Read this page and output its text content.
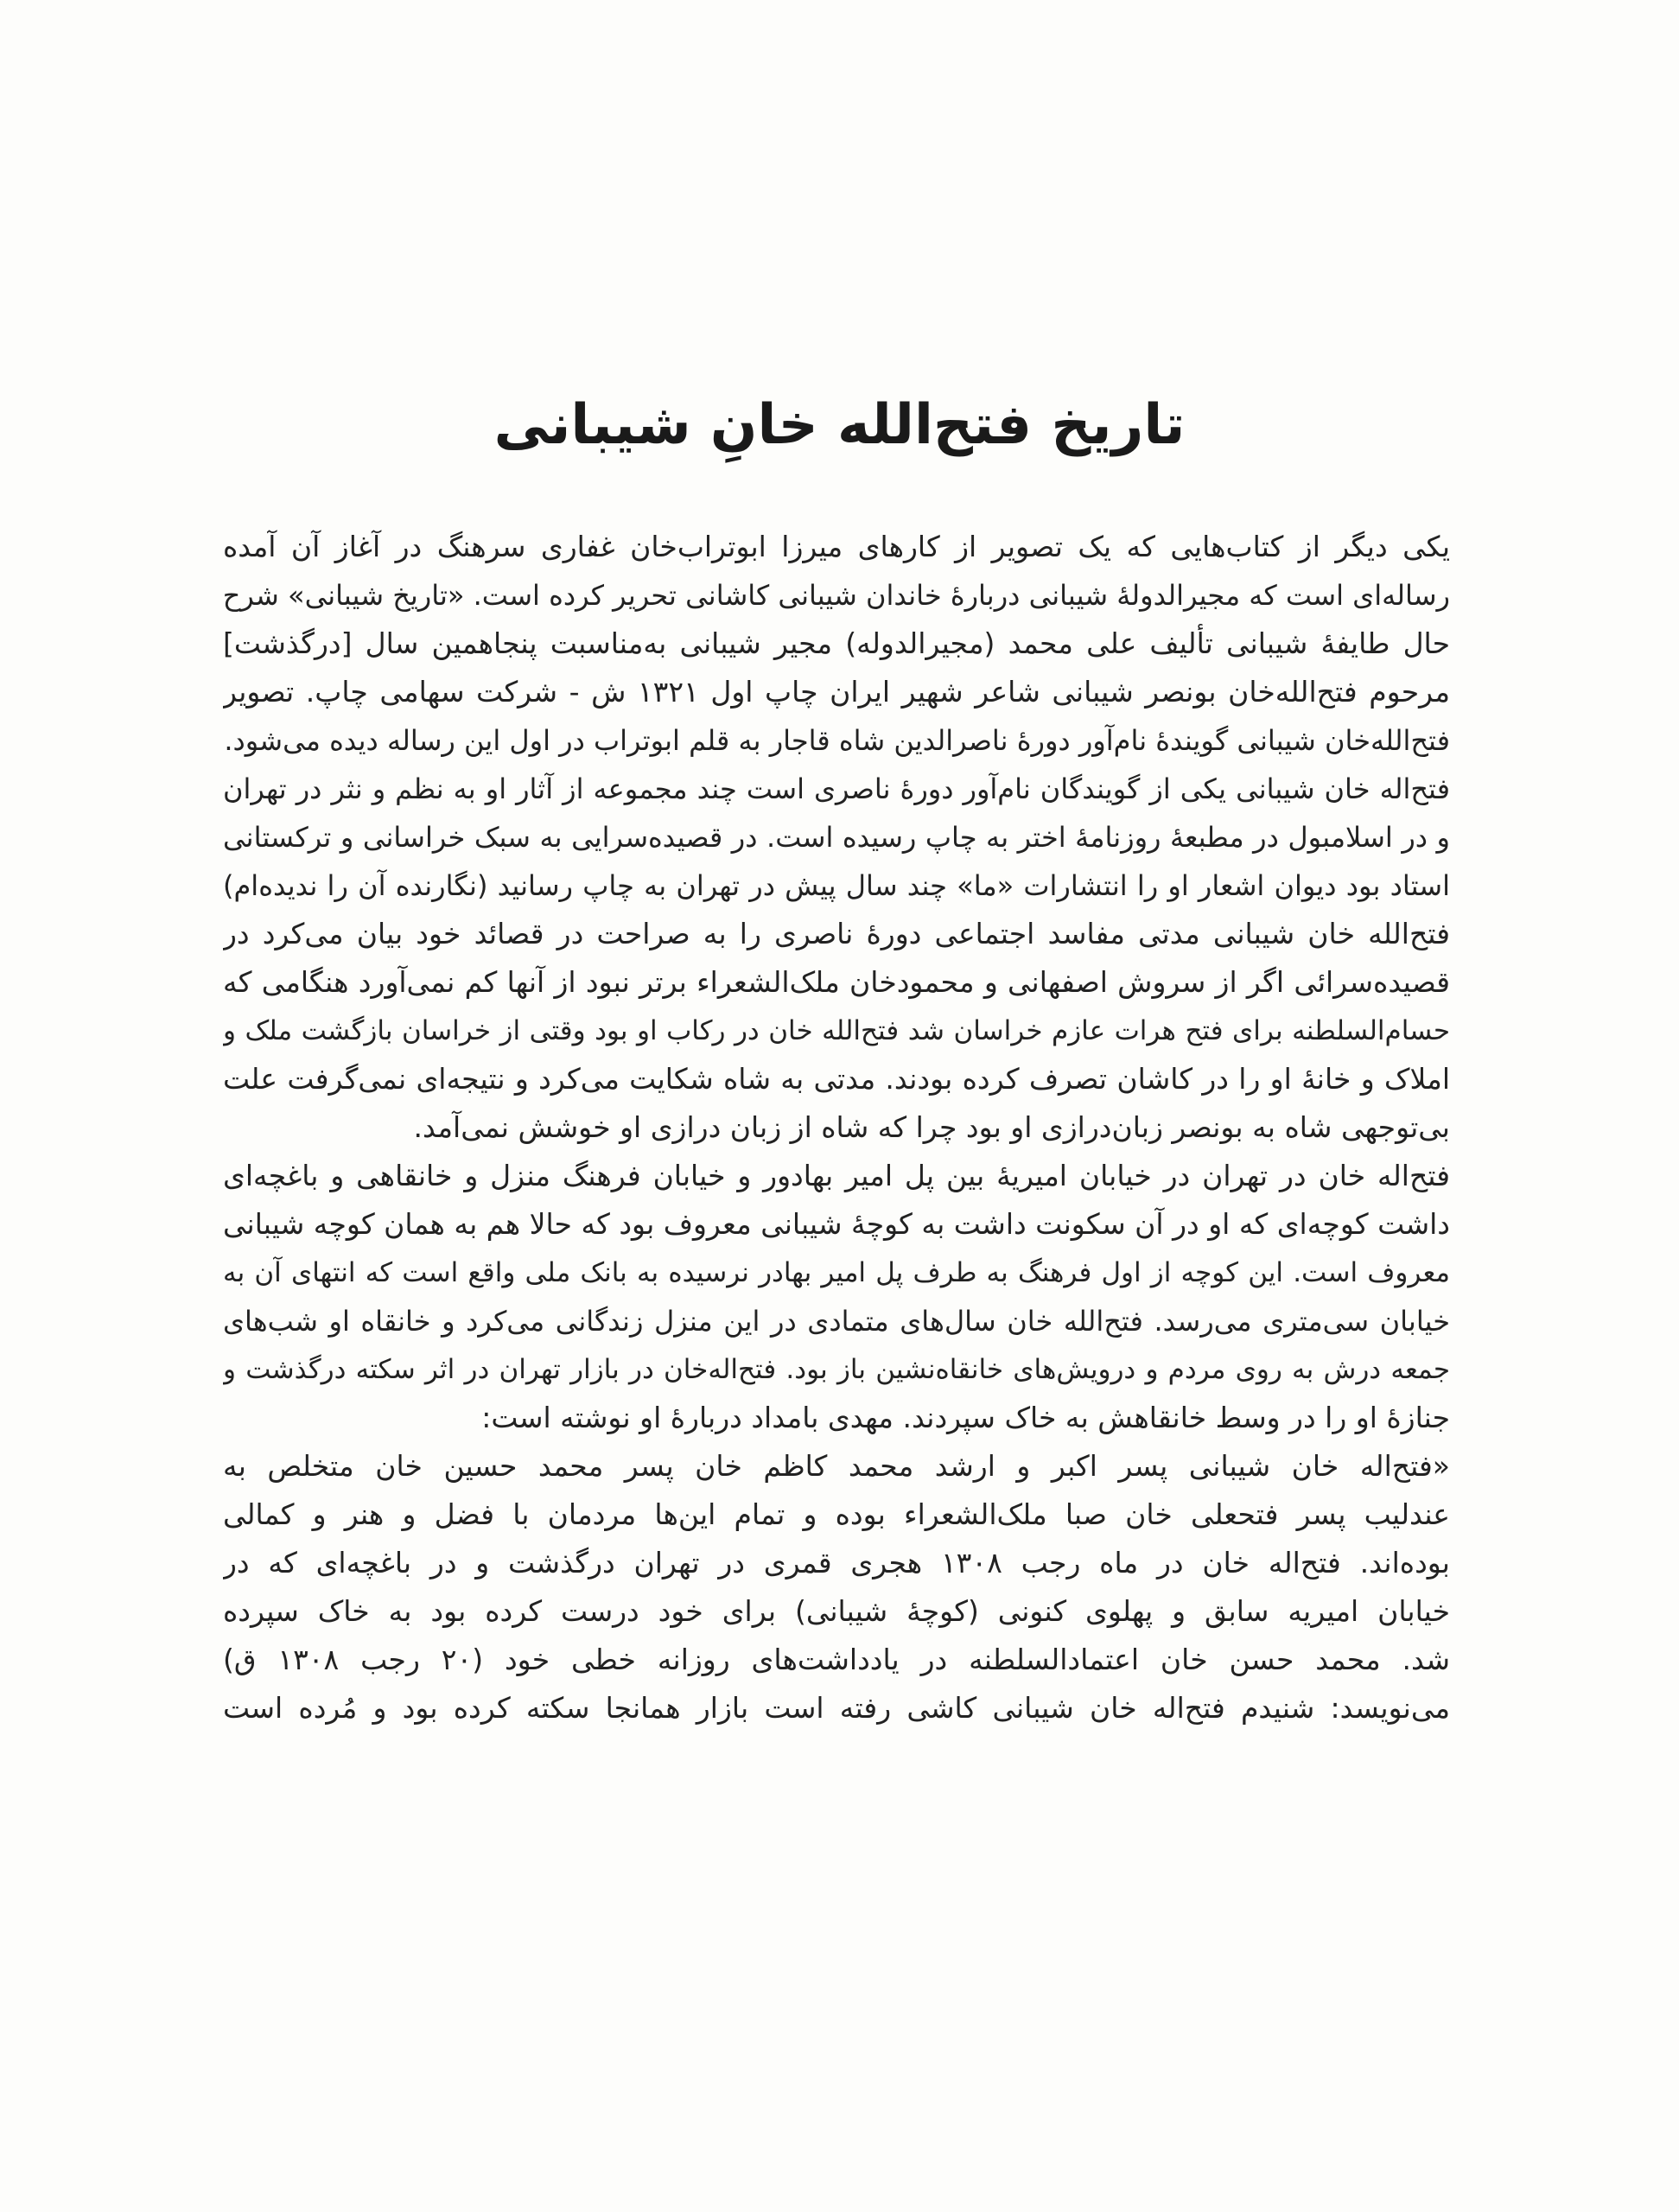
تاریخ فتح‌الله خانِ شیبانی
یکی دیگر از کتاب‌هایی که یک تصویر از کارهای میرزا ابوتراب‌خان غفاری سرهنگ در آغاز آن آمده
رساله‌ای است که مجیرالدولهٔ شیبانی دربارهٔ خاندان شیبانی کاشانی تحریر کرده است. «تاریخ شیبانی» شرح
حال طایفهٔ شیبانی تألیف علی محمد (مجیرالدوله) مجیر شیبانی به‌مناسبت پنجاهمین سال [درگذشت]
مرحوم فتح‌الله‌خان بونصر شیبانی شاعر شهیر ایران چاپ اول ۱۳۲۱ ش - شرکت سهامی چاپ. تصویر
فتح‌الله‌خان شیبانی گویندهٔ نام‌آور دورهٔ ناصرالدین شاه قاجار به قلم ابوتراب در اول این رساله دیده می‌شود.
فتح‌اله خان شیبانی یکی از گویندگان نام‌آور دورهٔ ناصری است چند مجموعه از آثار او به نظم و نثر در تهران
و در اسلامبول در مطبعهٔ روزنامهٔ اختر به چاپ رسیده است. در قصیده‌سرایی به سبک خراسانی و ترکستانی
استاد بود دیوان اشعار او را انتشارات «ما» چند سال پیش در تهران به چاپ رسانید (نگارنده آن را ندیده‌ام)
فتح‌الله خان شیبانی مدتی مفاسد اجتماعی دورهٔ ناصری را به صراحت در قصائد خود بیان می‌کرد در
قصیده‌سرائی اگر از سروش اصفهانی و محمودخان ملک‌الشعراء برتر نبود از آنها کم نمی‌آورد هنگامی که
حسام‌السلطنه برای فتح هرات عازم خراسان شد فتح‌الله خان در رکاب او بود وقتی از خراسان بازگشت ملک و
املاک و خانهٔ او را در کاشان تصرف کرده بودند. مدتی به شاه شکایت می‌کرد و نتیجه‌ای نمی‌گرفت علت
بی‌توجهی شاه به بونصر زبان‌درازی او بود چرا که شاه از زبان درازی او خوشش نمی‌آمد.
فتح‌اله خان در تهران در خیابان امیریهٔ بین پل امیر بهادور و خیابان فرهنگ منزل و خانقاهی و باغچه‌ای
داشت کوچه‌ای که او در آن سکونت داشت به کوچهٔ شیبانی معروف بود که حالا هم به همان کوچه شیبانی
معروف است. این کوچه از اول فرهنگ به طرف پل امیر بهادر نرسیده به بانک ملی واقع است که انتهای آن به
خیابان سی‌متری می‌رسد. فتح‌الله خان سال‌های متمادی در این منزل زندگانی می‌کرد و خانقاه او شب‌های
جمعه درش به روی مردم و درویش‌های خانقاه‌نشین باز بود. فتح‌اله‌خان در بازار تهران در اثر سکته درگذشت و
جنازهٔ او را در وسط خانقاهش به خاک سپردند. مهدی بامداد دربارهٔ او نوشته است:
«فتح‌اله خان شیبانی پسر اکبر و ارشد محمد کاظم خان پسر محمد حسین خان متخلص به
عندلیب پسر فتحعلی خان صبا ملک‌الشعراء بوده و تمام این‌ها مردمان با فضل و هنر و کمالی
بوده‌اند. فتح‌اله خان در ماه رجب ۱۳۰۸ هجری قمری در تهران درگذشت و در باغچه‌ای که در
خیابان امیریه سابق و پهلوی کنونی (کوچهٔ شیبانی) برای خود درست کرده بود به خاک سپرده
شد. محمد حسن خان اعتمادالسلطنه در یادداشت‌های روزانه خطی خود (۲۰ رجب ۱۳۰۸ ق)
می‌نویسد: شنیدم فتح‌اله خان شیبانی کاشی رفته است بازار همانجا سکته کرده بود و مُرده است
